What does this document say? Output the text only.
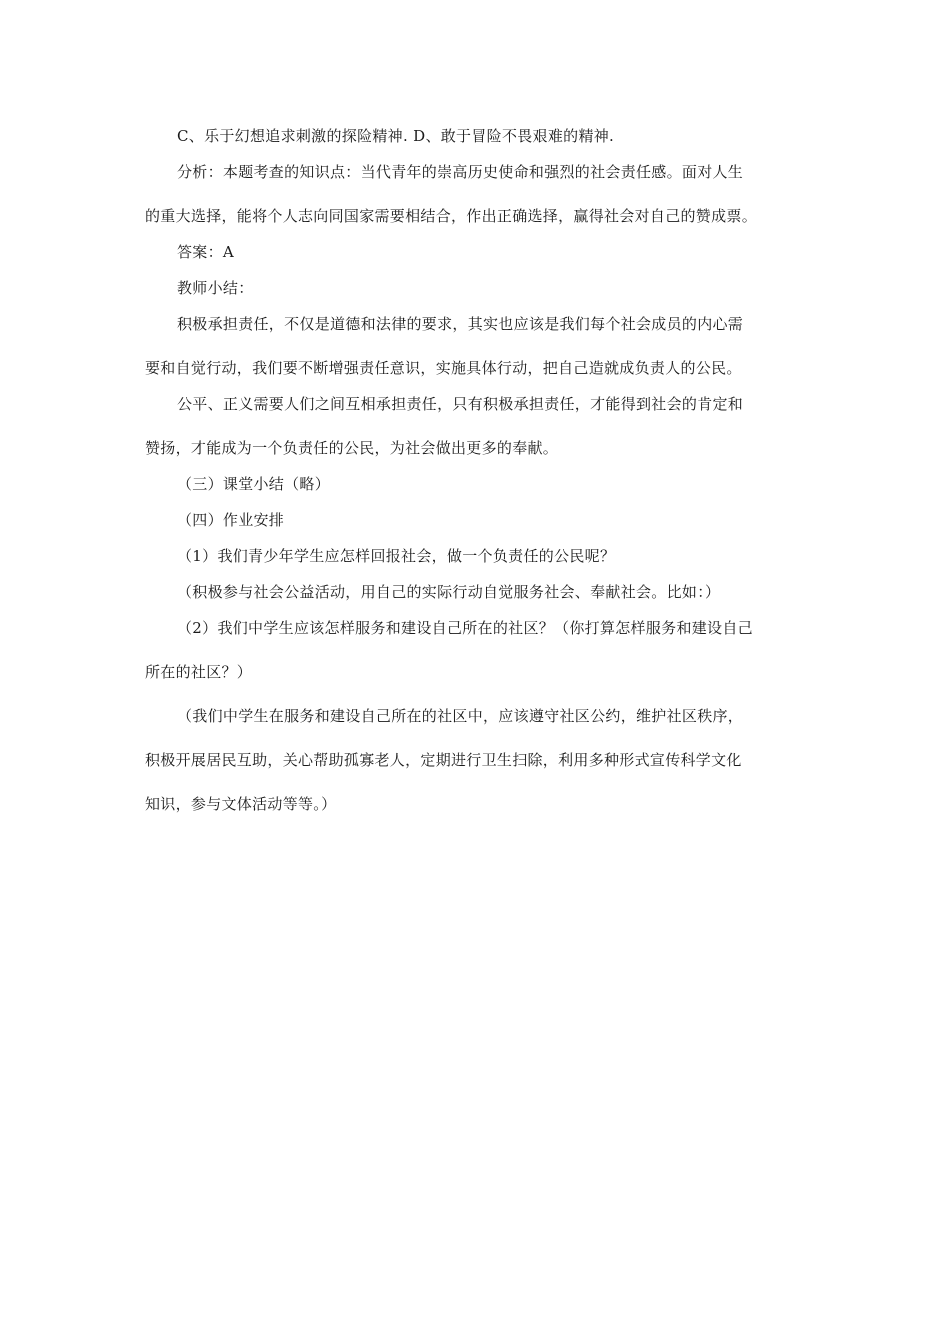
C、乐于幻想追求刺激的探险精神. D、敢于冒险不畏艰难的精神.
分析：本题考查的知识点：当代青年的崇高历史使命和强烈的社会责任感。面对人生
的重大选择，能将个人志向同国家需要相结合，作出正确选择，赢得社会对自己的赞成票。
答案：A
教师小结：
积极承担责任，不仅是道德和法律的要求，其实也应该是我们每个社会成员的内心需
要和自觉行动，我们要不断增强责任意识，实施具体行动，把自己造就成负责人的公民。
公平、正义需要人们之间互相承担责任，只有积极承担责任，才能得到社会的肯定和
赞扬，才能成为一个负责任的公民，为社会做出更多的奉献。
（三）课堂小结（略）
（四）作业安排
（1）我们青少年学生应怎样回报社会，做一个负责任的公民呢？
（积极参与社会公益活动，用自己的实际行动自觉服务社会、奉献社会。比如：）
（2）我们中学生应该怎样服务和建设自己所在的社区？（你打算怎样服务和建设自己
所在的社区？）
（我们中学生在服务和建设自己所在的社区中，应该遵守社区公约，维护社区秩序，
积极开展居民互助，关心帮助孤寡老人，定期进行卫生扫除，利用多种形式宣传科学文化
知识，参与文体活动等等。）
